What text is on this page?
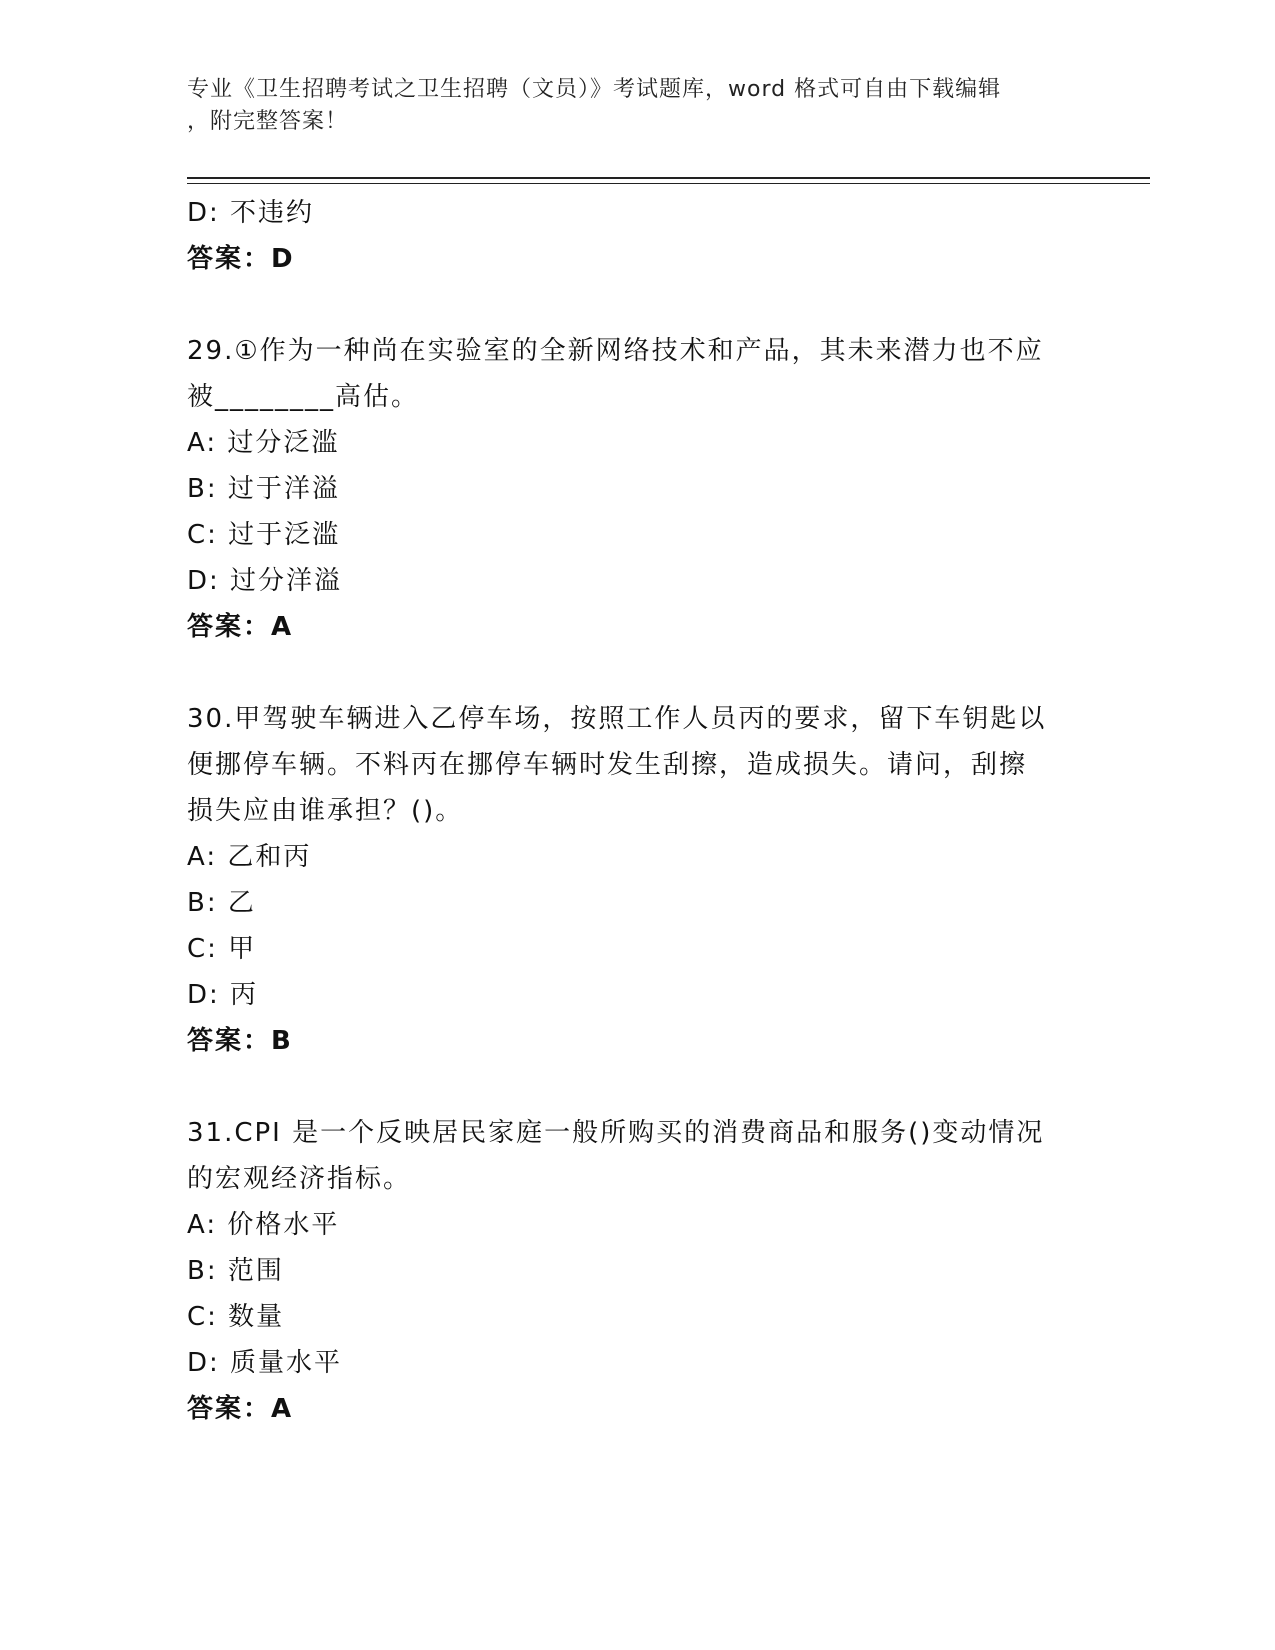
专业《卫生招聘考试之卫生招聘（文员）》考试题库，word 格式可自由下载编辑
，附完整答案！
D: 不违约
答案：D
29.①作为一种尚在实验室的全新网络技术和产品，其未来潜力也不应
被________高估。
A: 过分泛滥
B: 过于洋溢
C: 过于泛滥
D: 过分洋溢
答案：A
30.甲驾驶车辆进入乙停车场，按照工作人员丙的要求，留下车钥匙以
便挪停车辆。不料丙在挪停车辆时发生刮擦，造成损失。请问，刮擦
损失应由谁承担？()。
A: 乙和丙
B: 乙
C: 甲
D: 丙
答案：B
31.CPI 是一个反映居民家庭一般所购买的消费商品和服务()变动情况
的宏观经济指标。
A: 价格水平
B: 范围
C: 数量
D: 质量水平
答案：A
